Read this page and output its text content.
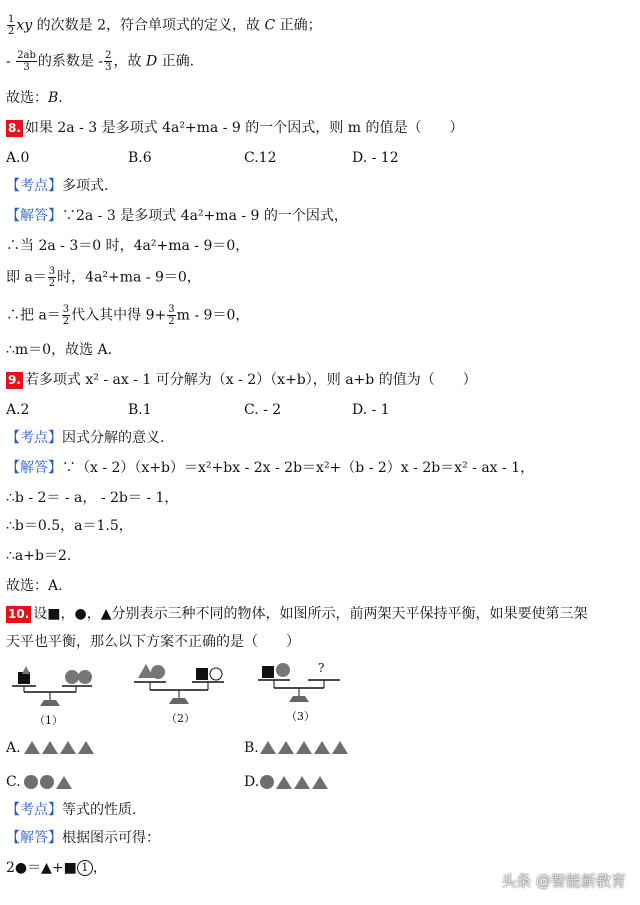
$\frac{1}{2}$ xy 的次数是 2，符合单项式的定义，故 C 正确；
- $\frac{2ab}{3}$ 的系数是 - $\frac{2}{3}$ ，故 D 正确.
故选：B.
8. 如果 2a - 3 是多项式 4a²+ma - 9 的一个因式，则 m 的值是（　　）
A.0	B.6	C.12	D. - 12
【考点】多项式.
【解答】∵2a - 3 是多项式 4a²+ma - 9 的一个因式，
∴当 2a - 3＝0 时，4a²+ma - 9＝0，
即 $a= \frac{3}{2}$ 时，4a²+ma - 9＝0，
∴把 $a= \frac{3}{2}$ 代入其中得 $9+ \frac{3}{2}$ m - 9＝0，
∴m＝0，故选 A.
9. 若多项式 x² - ax - 1 可分解为（x - 2）（x+b），则 a+b 的值为（　　）
A.2	B.1	C. - 2	D. - 1
【考点】因式分解的意义.
【解答】∵（x - 2）（x+b）＝x²+bx - 2x - 2b＝x²+（b - 2）x - 2b＝x² - ax - 1，
∴b - 2＝ - a， - 2b＝ - 1，
∴b＝0.5，a＝1.5，
∴a+b＝2.
故选：A.
10. 设■，●，▲分别表示三种不同的物体，如图所示，前两架天平保持平衡，如果要使第三架
天平也平衡，那么以下方案不正确的是（　　）
?
（1）	（2）	（3）
A.	B.
C.	D.
【考点】等式的性质.
【解答】根据图示可得：
2●＝▲+■ 1 ，
头条 @智能新教育
